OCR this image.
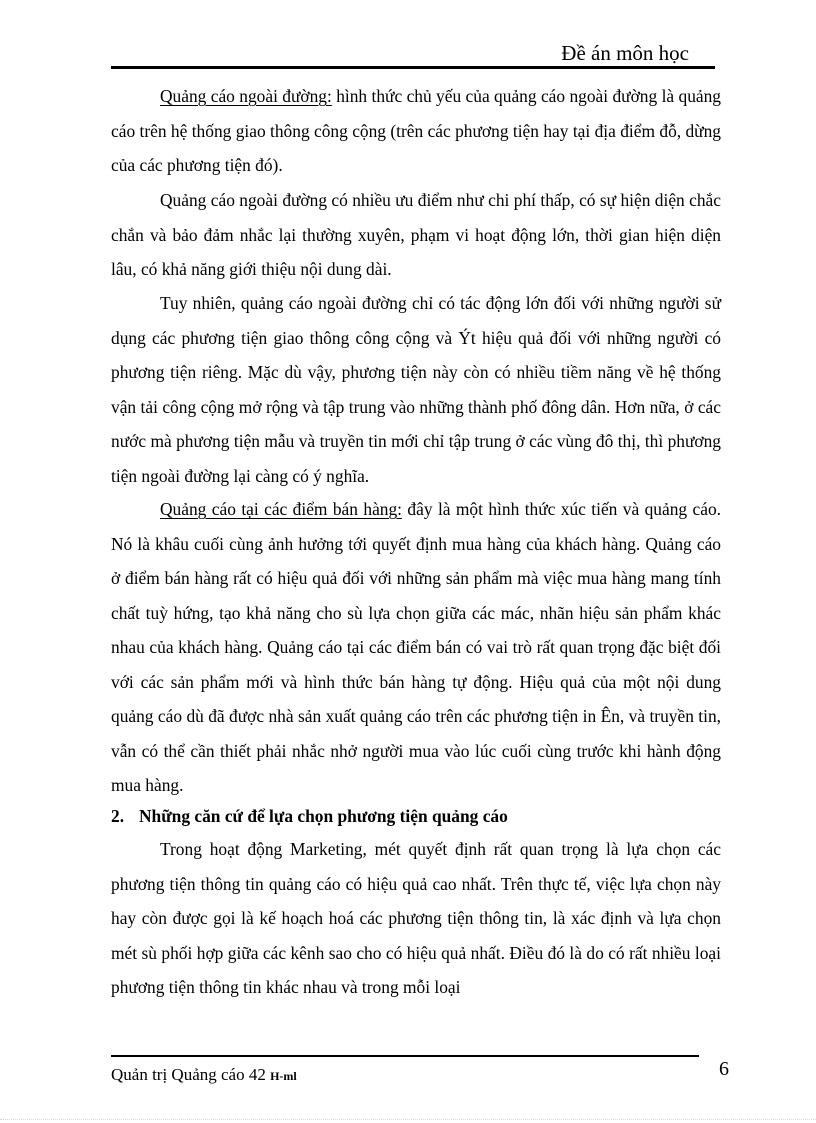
Đề án môn học

Quảng cáo ngoài đường: hình thức chủ yếu của quảng cáo ngoài đường là quảng cáo trên hệ thống giao thông công cộng (trên các phương tiện hay tại địa điểm đỗ, dừng của các phương tiện đó).

Quảng cáo ngoài đường có nhiều ưu điểm như chi phí thấp, có sự hiện diện chắc chắn và bảo đảm nhắc lại thường xuyên, phạm vi hoạt động lớn, thời gian hiện diện lâu, có khả năng giới thiệu nội dung dài.

Tuy nhiên, quảng cáo ngoài đường chỉ có tác động lớn đối với những người sử dụng các phương tiện giao thông công cộng và Ýt hiệu quả đối với những người có phương tiện riêng. Mặc dù vậy, phương tiện này còn có nhiều tiềm năng về hệ thống vận tải công cộng mở rộng và tập trung vào những thành phố đông dân. Hơn nữa, ở các nước mà phương tiện mẫu và truyền tin mới chỉ tập trung ở các vùng đô thị, thì phương tiện ngoài đường lại càng có ý nghĩa.

Quảng cáo tại các điểm bán hàng: đây là một hình thức xúc tiến và quảng cáo. Nó là khâu cuối cùng ảnh hưởng tới quyết định mua hàng của khách hàng. Quảng cáo ở điểm bán hàng rất có hiệu quả đối với những sản phẩm mà việc mua hàng mang tính chất tuỳ hứng, tạo khả năng cho sù lựa chọn giữa các mác, nhãn hiệu sản phẩm khác nhau của khách hàng. Quảng cáo tại các điểm bán có vai trò rất quan trọng đặc biệt đối với các sản phẩm mới và hình thức bán hàng tự động. Hiệu quả của một nội dung quảng cáo dù đã được nhà sản xuất quảng cáo trên các phương tiện in Ên, và truyền tin, vẫn có thể cần thiết phải nhắc nhở người mua vào lúc cuối cùng trước khi hành động mua hàng.

2. Những căn cứ để lựa chọn phương tiện quảng cáo

Trong hoạt động Marketing, mét quyết định rất quan trọng là lựa chọn các phương tiện thông tin quảng cáo có hiệu quả cao nhất. Trên thực tế, việc lựa chọn này hay còn được gọi là kế hoạch hoá các phương tiện thông tin, là xác định và lựa chọn mét sù phối hợp giữa các kênh sao cho có hiệu quả nhất. Điều đó là do có rất nhiều loại phương tiện thông tin khác nhau và trong mỗi loại

Quản trị Quảng cáo 42 H-ml	6
